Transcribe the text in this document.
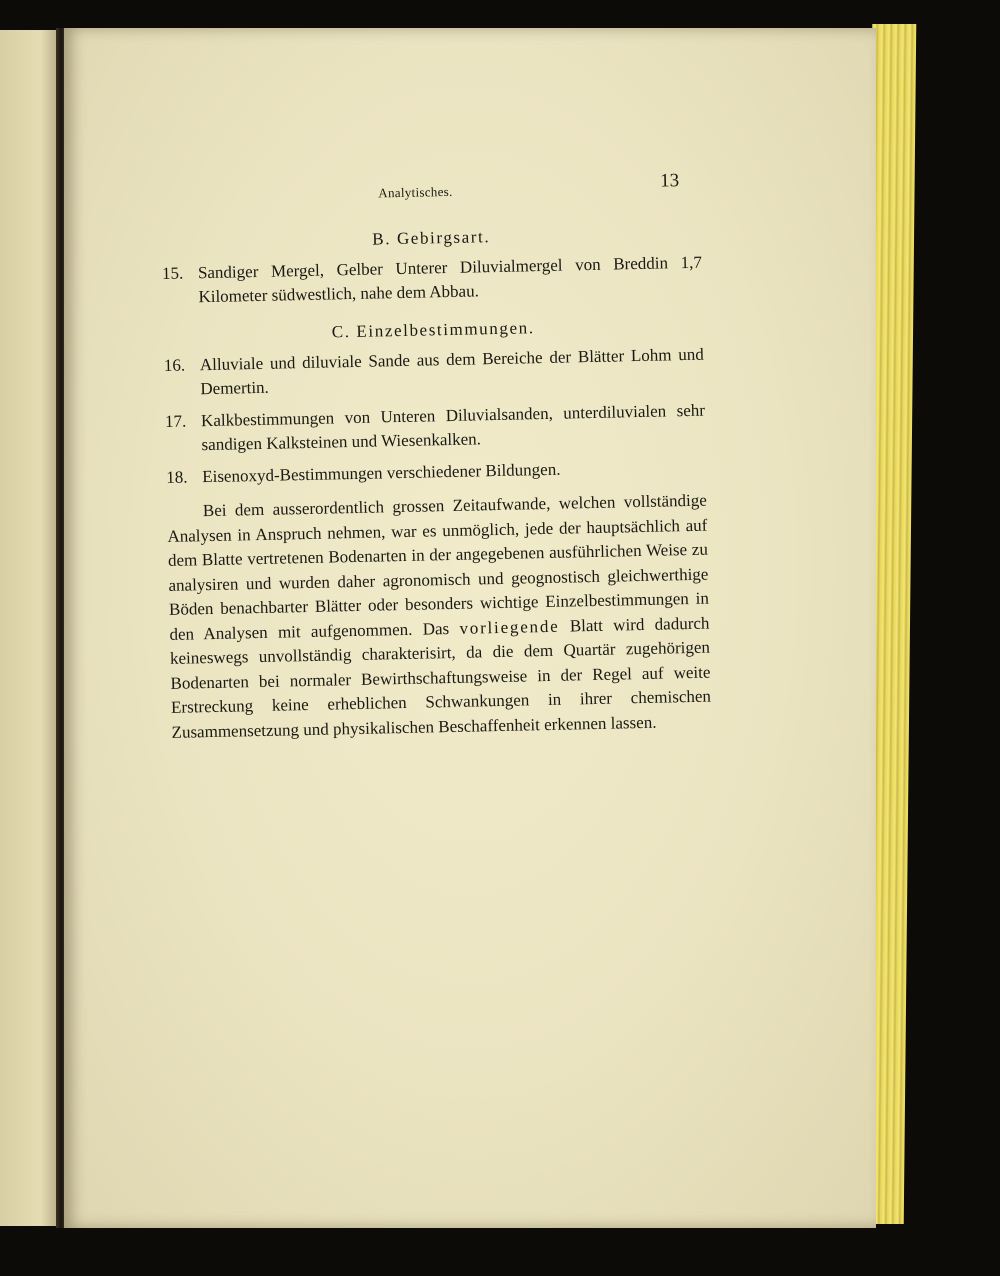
Analytisches.
13
B. Gebirgsart.
15. Sandiger Mergel, Gelber Unterer Diluvialmergel von Breddin 1,7 Kilometer südwestlich, nahe dem Abbau.
C. Einzelbestimmungen.
16. Alluviale und diluviale Sande aus dem Bereiche der Blätter Lohm und Demertin.
17. Kalkbestimmungen von Unteren Diluvialsanden, unterdiluvialen sehr sandigen Kalksteinen und Wiesenkalken.
18. Eisenoxyd-Bestimmungen verschiedener Bildungen.

Bei dem ausserordentlich grossen Zeitaufwande, welchen vollständige Analysen in Anspruch nehmen, war es unmöglich, jede der hauptsächlich auf dem Blatte vertretenen Bodenarten in der angegebenen ausführlichen Weise zu analysiren und wurden daher agronomisch und geognostisch gleichwerthige Böden benachbarter Blätter oder besonders wichtige Einzelbestimmungen in den Analysen mit aufgenommen. Das vorliegende Blatt wird dadurch keineswegs unvollständig charakterisirt, da die dem Quartär zugehörigen Bodenarten bei normaler Bewirthschaftungsweise in der Regel auf weite Erstreckung keine erheblichen Schwankungen in ihrer chemischen Zusammensetzung und physikalischen Beschaffenheit erkennen lassen.
